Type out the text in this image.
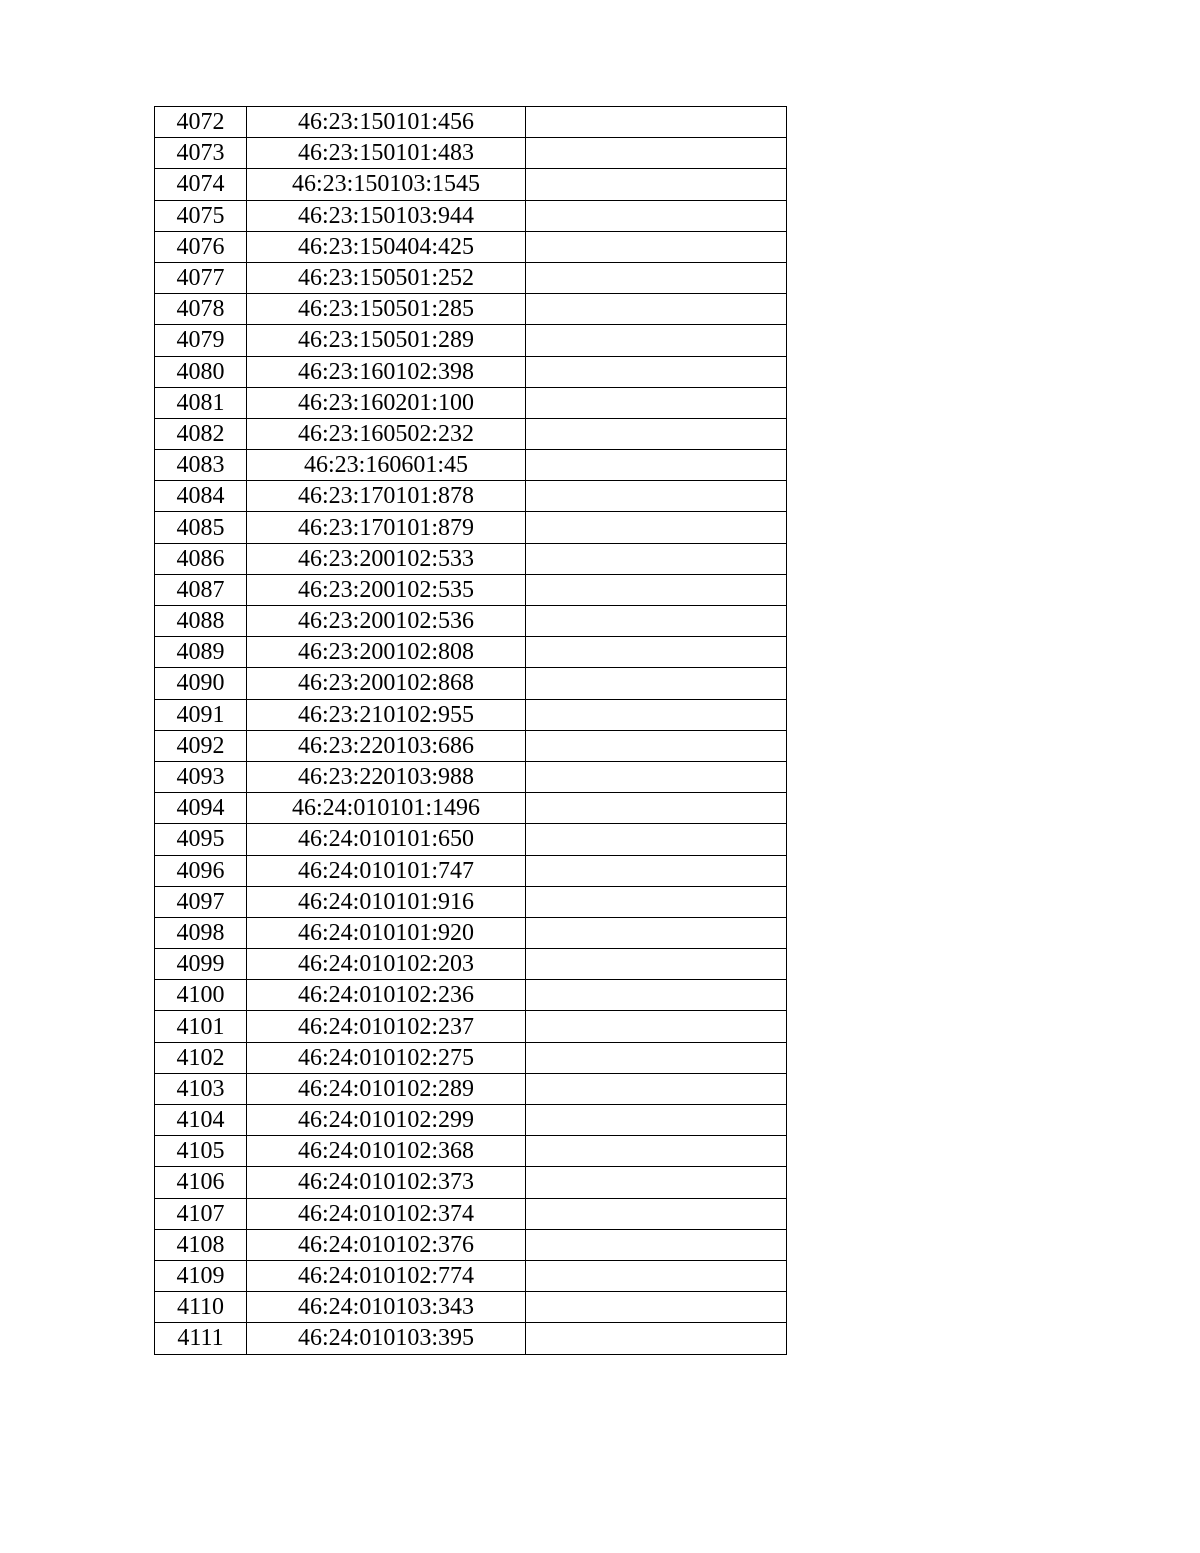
4072	46:23:150101:456	
4073	46:23:150101:483	
4074	46:23:150103:1545	
4075	46:23:150103:944	
4076	46:23:150404:425	
4077	46:23:150501:252	
4078	46:23:150501:285	
4079	46:23:150501:289	
4080	46:23:160102:398	
4081	46:23:160201:100	
4082	46:23:160502:232	
4083	46:23:160601:45	
4084	46:23:170101:878	
4085	46:23:170101:879	
4086	46:23:200102:533	
4087	46:23:200102:535	
4088	46:23:200102:536	
4089	46:23:200102:808	
4090	46:23:200102:868	
4091	46:23:210102:955	
4092	46:23:220103:686	
4093	46:23:220103:988	
4094	46:24:010101:1496	
4095	46:24:010101:650	
4096	46:24:010101:747	
4097	46:24:010101:916	
4098	46:24:010101:920	
4099	46:24:010102:203	
4100	46:24:010102:236	
4101	46:24:010102:237	
4102	46:24:010102:275	
4103	46:24:010102:289	
4104	46:24:010102:299	
4105	46:24:010102:368	
4106	46:24:010102:373	
4107	46:24:010102:374	
4108	46:24:010102:376	
4109	46:24:010102:774	
4110	46:24:010103:343	
4111	46:24:010103:395	
